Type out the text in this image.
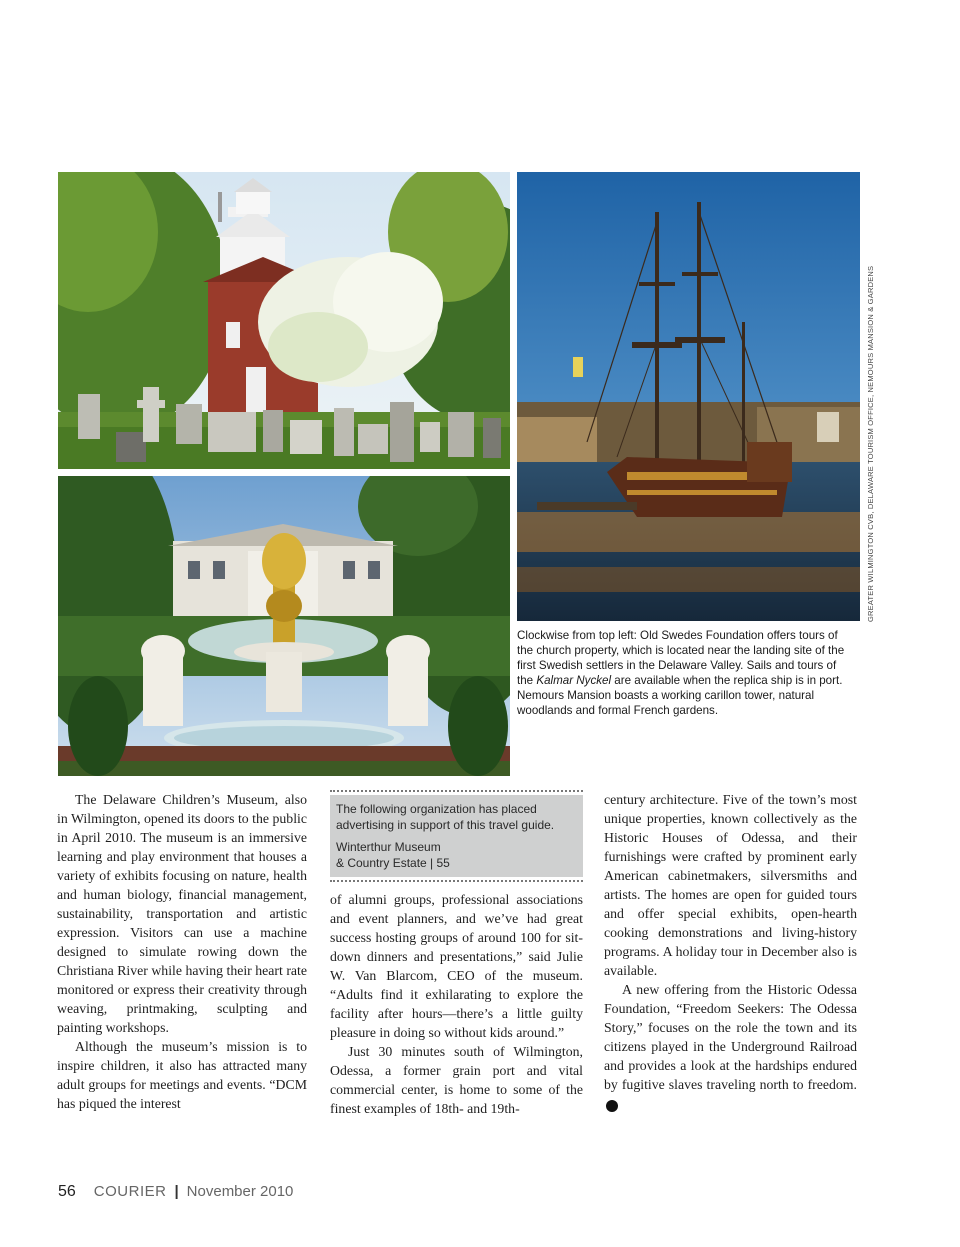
GREATER WILMINGTON CVB, DELAWARE TOURISM OFFICE, NEMOURS MANSION & GARDENS
Clockwise from top left: Old Swedes Foundation offers tours of the church property, which is located near the landing site of the first Swedish settlers in the Delaware Valley. Sails and tours of the Kalmar Nyckel are available when the replica ship is in port. Nemours Mansion boasts a working carillon tower, natural woodlands and formal French gardens.

The Delaware Children’s Museum, also in Wilmington, opened its doors to the public in April 2010. The museum is an immersive learning and play environment that houses a variety of exhibits focusing on nature, health and human biology, financial management, sustainability, transportation and artistic expression. Visitors can use a machine designed to simulate rowing down the Christiana River while having their heart rate monitored or express their creativity through weaving, printmaking, sculpting and painting workshops.

Although the museum’s mission is to inspire children, it also has attracted many adult groups for meetings and events. “DCM has piqued the interest

The following organization has placed advertising in support of this travel guide.
Winterthur Museum
& Country Estate | 55

of alumni groups, professional associations and event planners, and we’ve had great success hosting groups of around 100 for sit-down dinners and presentations,” said Julie W. Van Blarcom, CEO of the museum. “Adults find it exhilarating to explore the facility after hours—there’s a little guilty pleasure in doing so without kids around.”

Just 30 minutes south of Wilmington, Odessa, a former grain port and vital commercial center, is home to some of the finest examples of 18th- and 19th-

century architecture. Five of the town’s most unique properties, known collectively as the Historic Houses of Odessa, and their furnishings were crafted by prominent early American cabinetmakers, silversmiths and artists. The homes are open for guided tours and offer special exhibits, open-hearth cooking demonstrations and living-history programs. A holiday tour in December also is available.

A new offering from the Historic Odessa Foundation, “Freedom Seekers: The Odessa Story,” focuses on the role the town and its citizens played in the Underground Railroad and provides a look at the hardships endured by fugitive slaves traveling north to freedom.C

56 COURIER | November 2010
